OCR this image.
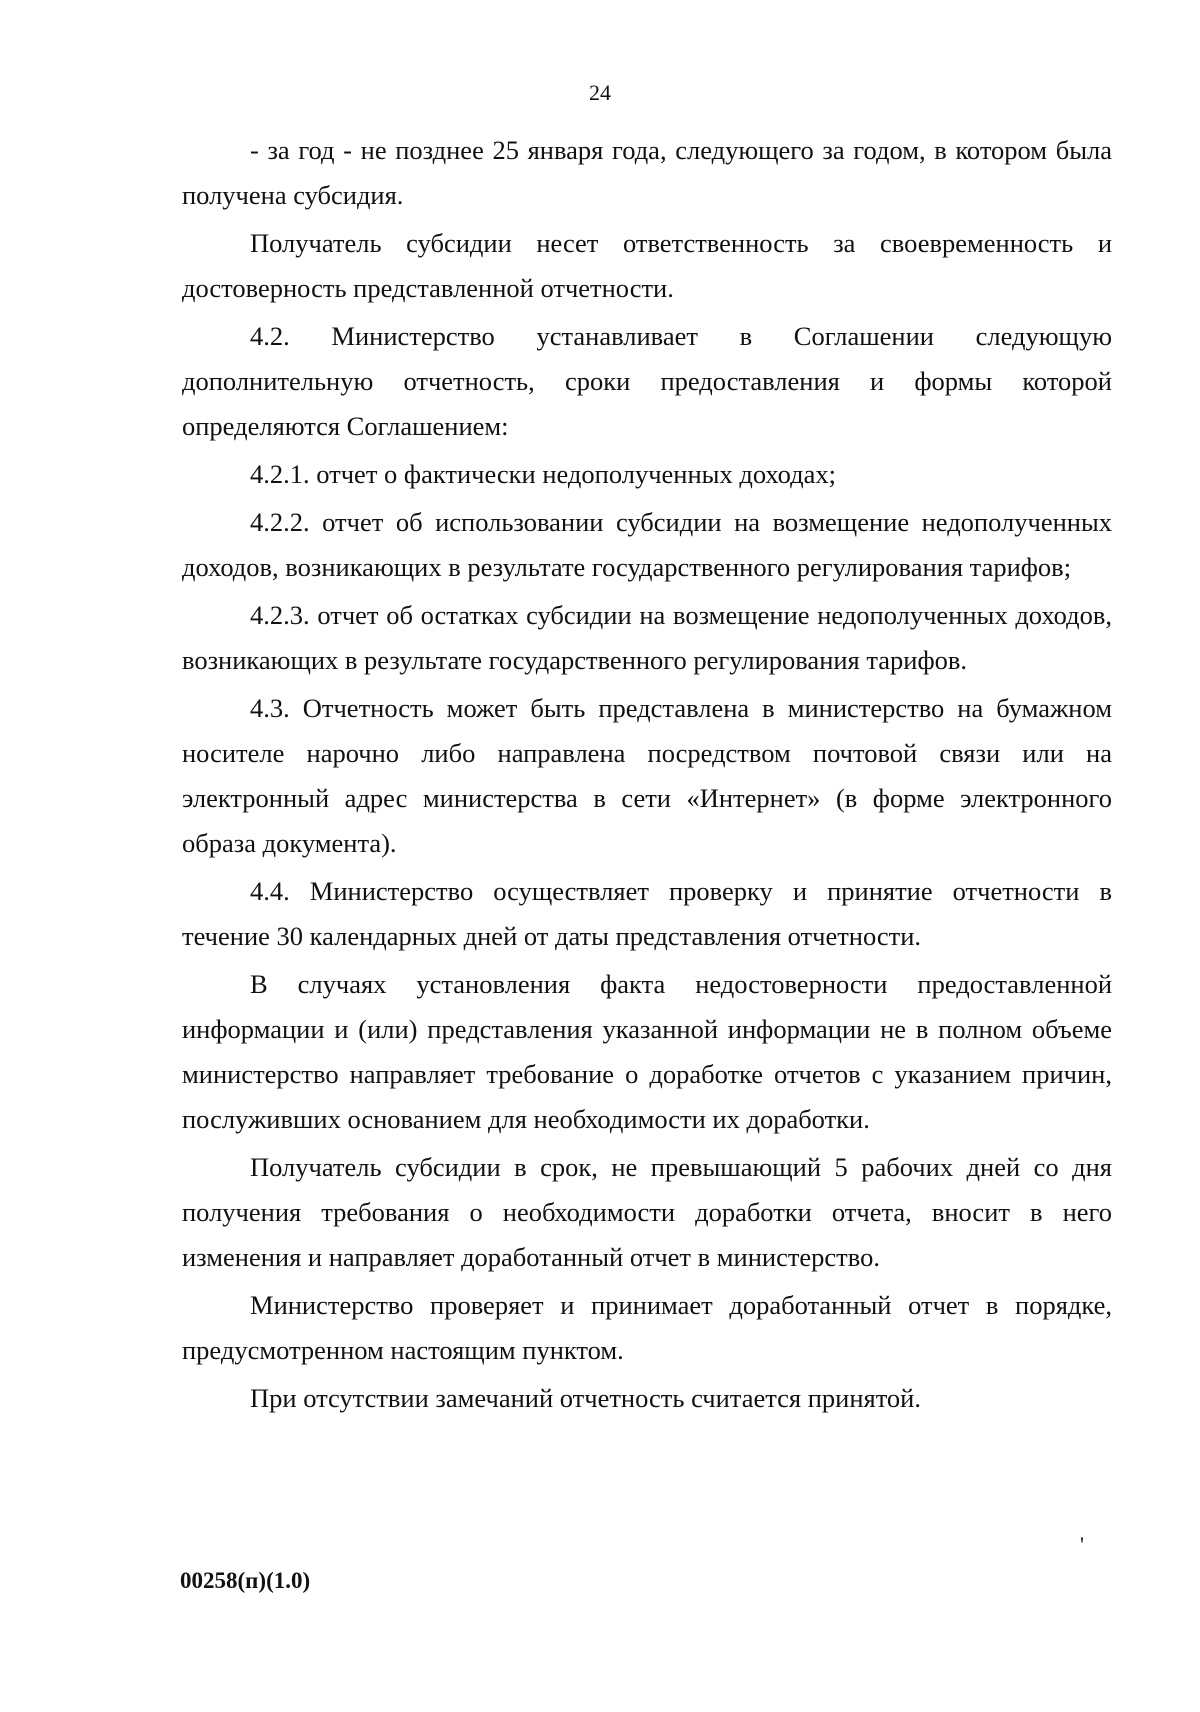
24

- за год - не позднее 25 января года, следующего за годом, в котором была получена субсидия.

Получатель субсидии несет ответственность за своевременность и достоверность представленной отчетности.

4.2. Министерство устанавливает в Соглашении следующую дополнительную отчетность, сроки предоставления и формы которой определяются Соглашением:

4.2.1. отчет о фактически недополученных доходах;

4.2.2. отчет об использовании субсидии на возмещение недополученных доходов, возникающих в результате государственного регулирования тарифов;

4.2.3. отчет об остатках субсидии на возмещение недополученных доходов, возникающих в результате государственного регулирования тарифов.

4.3. Отчетность может быть представлена в министерство на бумажном носителе нарочно либо направлена посредством почтовой связи или на электронный адрес министерства в сети «Интернет» (в форме электронного образа документа).

4.4. Министерство осуществляет проверку и принятие отчетности в течение 30 календарных дней от даты представления отчетности.

В случаях установления факта недостоверности предоставленной информации и (или) представления указанной информации не в полном объеме министерство направляет требование о доработке отчетов с указанием причин, послуживших основанием для необходимости их доработки.

Получатель субсидии в срок, не превышающий 5 рабочих дней со дня получения требования о необходимости доработки отчета, вносит в него изменения и направляет доработанный отчет в министерство.

Министерство проверяет и принимает доработанный отчет в порядке, предусмотренном настоящим пунктом.

При отсутствии замечаний отчетность считается принятой.

'
00258(п)(1.0)
